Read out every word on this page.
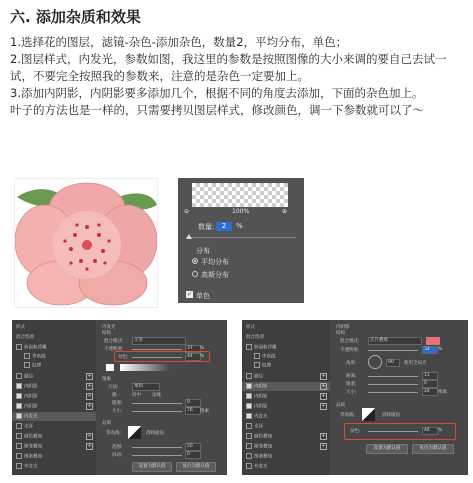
六. 添加杂质和效果

1.选择花的图层，滤镜-杂色-添加杂色，数量2，平均分布，单色；

2.图层样式，内发光，参数如图，我这里的参数是按照图像的大小来调的要自己去试一试，不要完全按照我的参数来，注意的是杂色一定要加上。

3.添加内阴影，内阴影要多添加几个，根据不同的角度去添加，下面的杂色加上。

叶子的方法也是一样的，只需要拷贝图层样式，修改颜色，调一下参数就可以了～

⊖	100%	⊕
数量:	2	%
分布
平均分布
高斯分布
✓ 单色
样式
混合选项
斜面和浮雕
等高线
纹理
描边	+
内阴影	+
内阴影	+
内阴影	+
内发光
光泽
颜色叠加	+
渐变叠加	+
图案叠加
外发光
内发光
结构
混合模式:	正常
不透明度:	37	%
杂色:	44	%
图素
方法:	柔和
源:	居中 边缘
阻塞:	0
大小:	76	像素
品质
等高线:	消除锯齿
范围:	50
抖动:	0
设置为默认值	复位为默认值
样式
混合选项
斜面和浮雕
等高线
纹理
描边	+
内阴影	+
内阴影	+
内阴影	+
内发光
光泽
颜色叠加	+
渐变叠加	+
图案叠加
外发光
内阴影
结构
混合模式:	正片叠底
不透明度:	34	%
角度:	90	使用全局光
距离:	11
阻塞:	0
大小:	24	像素
品质
等高线:	消除锯齿
杂色:	44	%
设置为默认值	复位为默认值
